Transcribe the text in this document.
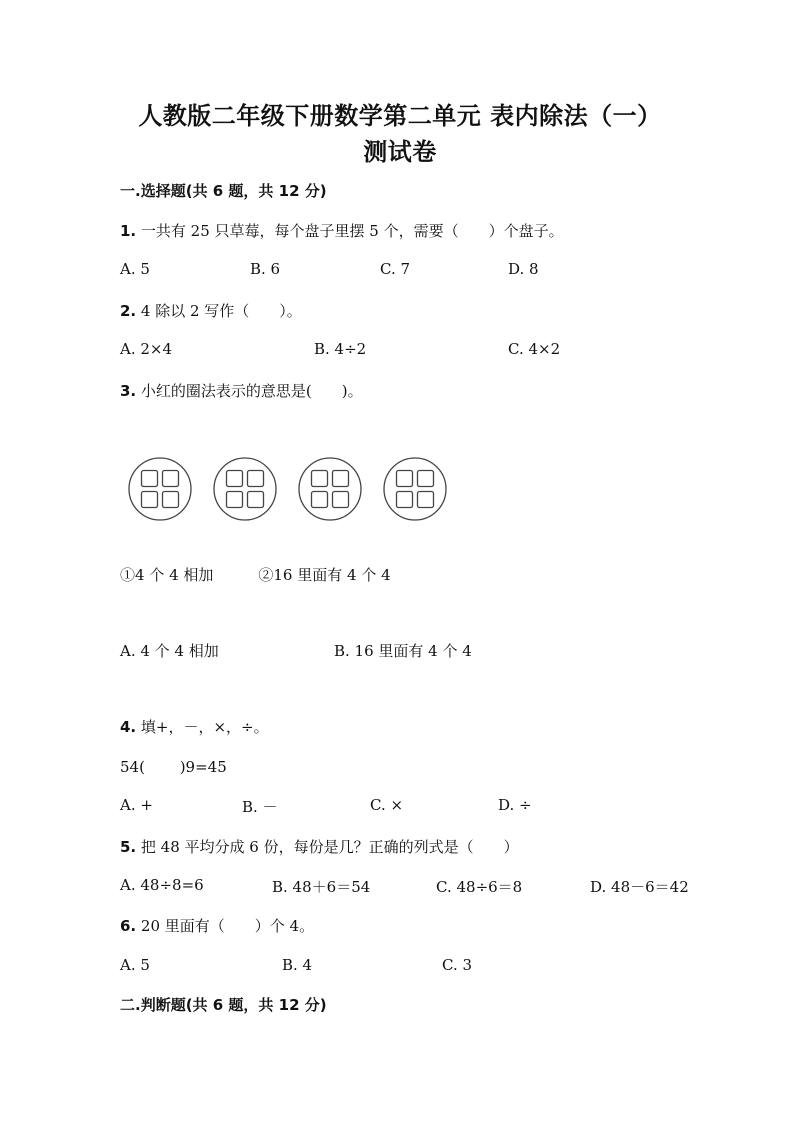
人教版二年级下册数学第二单元 表内除法（一）
测试卷
一.选择题(共 6 题，共 12 分)
1. 一共有 25 只草莓，每个盘子里摆 5 个，需要（　　）个盘子。
A. 5	B. 6	C. 7	D. 8
2. 4 除以 2 写作（　　）。
A. 2×4	B. 4÷2	C. 4×2
3. 小红的圈法表示的意思是(　　)。
①4 个 4 相加　　　②16 里面有 4 个 4
A. 4 个 4 相加	B. 16 里面有 4 个 4
4. 填+，－，×，÷。
54(　　 )9=45
A. +	B. －	C. ×	D. ÷
5. 把 48 平均分成 6 份，每份是几？正确的列式是（　　）
A. 48÷8=6	B. 48＋6＝54	C. 48÷6＝8	D. 48－6＝42
6. 20 里面有（　　）个 4。
A. 5	B. 4	C. 3
二.判断题(共 6 题，共 12 分)
